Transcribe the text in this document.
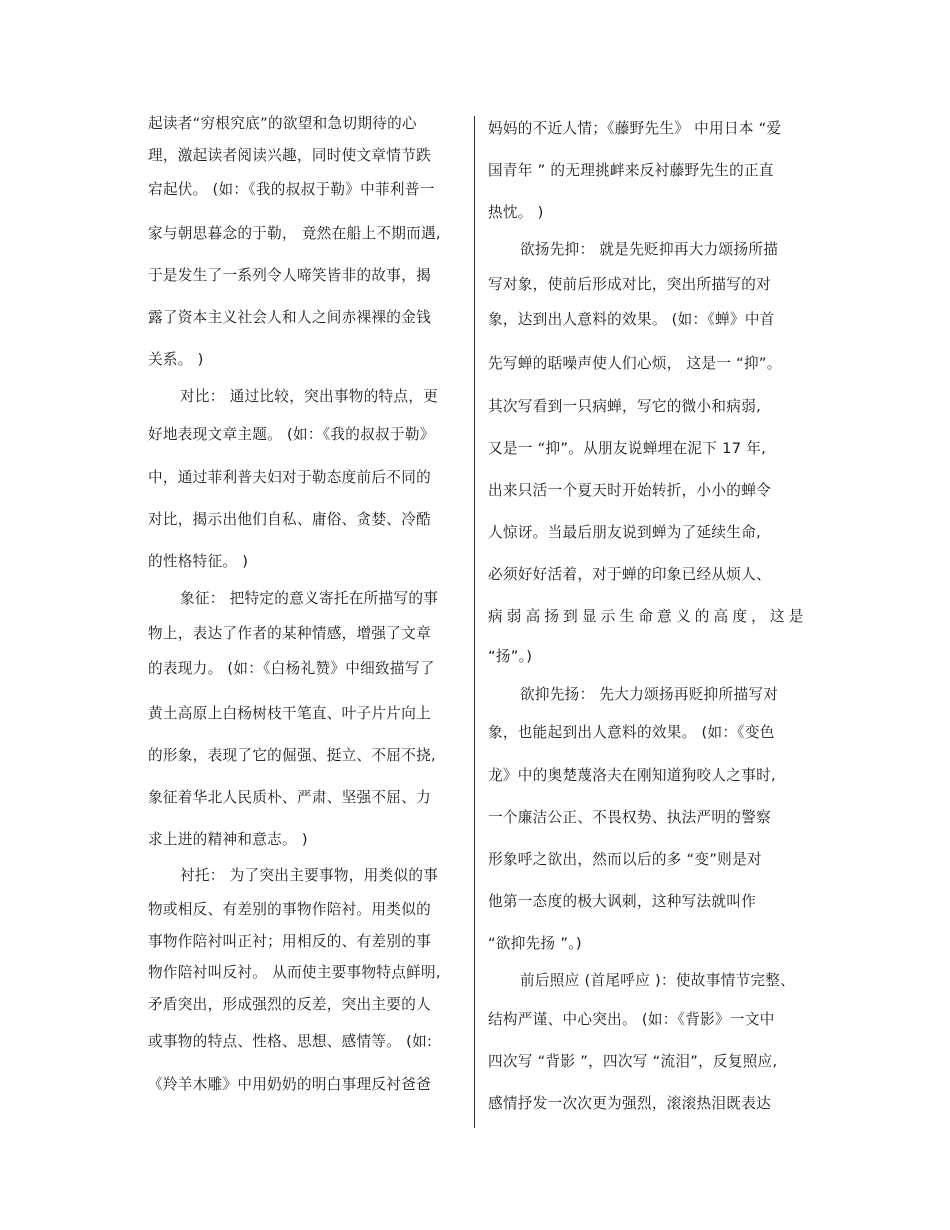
起读者“穷根究底”的欲望和急切期待的心
理，激起读者阅读兴趣，同时使文章情节跌
宕起伏。 (如：《我的叔叔于勒》中菲利普一
家与朝思暮念的于勒， 竟然在船上不期而遇,
于是发生了一系列令人啼笑皆非的故事，揭
露了资本主义社会人和人之间赤裸裸的金钱
关系。 )
对比： 通过比较，突出事物的特点，更
好地表现文章主题。 (如：《我的叔叔于勒》
中，通过菲利普夫妇对于勒态度前后不同的
对比，揭示出他们自私、庸俗、贪婪、冷酷
的性格特征。 )
象征： 把特定的意义寄托在所描写的事
物上，表达了作者的某种情感，增强了文章
的表现力。 (如：《白杨礼赞》中细致描写了
黄土高原上白杨树枝干笔直、叶子片片向上
的形象，表现了它的倔强、挺立、不屈不挠,
象征着华北人民质朴、严肃、坚强不屈、力
求上进的精神和意志。 )
衬托： 为了突出主要事物，用类似的事
物或相反、有差别的事物作陪衬。用类似的
事物作陪衬叫正衬；用相反的、有差别的事
物作陪衬叫反衬。 从而使主要事物特点鲜明,
矛盾突出，形成强烈的反差，突出主要的人
或事物的特点、性格、思想、感情等。 (如:
《羚羊木雕》中用奶奶的明白事理反衬爸爸
妈妈的不近人情；《藤野先生》 中用日本 “爱
国青年 ” 的无理挑衅来反衬藤野先生的正直
热忱。 )
欲扬先抑： 就是先贬抑再大力颂扬所描
写对象，使前后形成对比，突出所描写的对
象，达到出人意料的效果。 (如：《蝉》中首
先写蝉的聒噪声使人们心烦， 这是一 “抑”。
其次写看到一只病蝉，写它的微小和病弱,
又是一 “抑”。从朋友说蝉埋在泥下 17 年,
出来只活一个夏天时开始转折，小小的蝉令
人惊讶。当最后朋友说到蝉为了延续生命,
必须好好活着，对于蝉的印象已经从烦人、
病弱高扬到显示生命意义的高度，这是
“扬”。)
欲抑先扬： 先大力颂扬再贬抑所描写对
象，也能起到出人意料的效果。 (如：《变色
龙》中的奥楚蔑洛夫在刚知道狗咬人之事时,
一个廉洁公正、不畏权势、执法严明的警察
形象呼之欲出，然而以后的多 “变”则是对
他第一态度的极大讽刺，这种写法就叫作
“欲抑先扬 ”。)
前后照应 (首尾呼应 )：使故事情节完整、
结构严谨、中心突出。 (如：《背影》一文中
四次写 “背影 ”，四次写 “流泪”，反复照应,
感情抒发一次次更为强烈，滚滚热泪既表达
